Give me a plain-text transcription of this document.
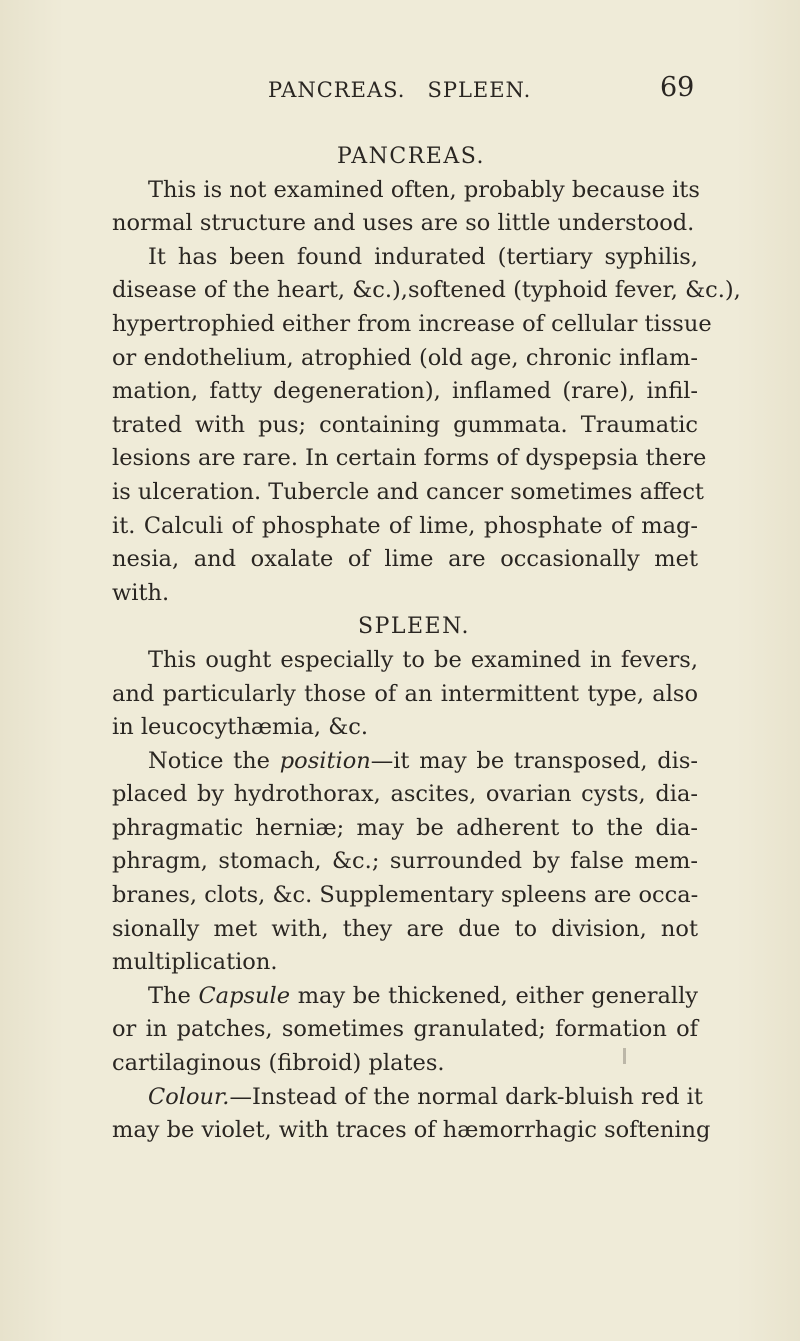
PANCREAS. SPLEEN.	69
PANCREAS.
This is not examined often, probably because its
normal structure and uses are so little understood.
It has been found indurated (tertiary syphilis,
disease of the heart, &c.),softened (typhoid fever, &c.),
hypertrophied either from increase of cellular tissue
or endothelium, atrophied (old age, chronic inflam-
mation, fatty degeneration), inflamed (rare), infil-
trated with pus; containing gummata. Traumatic
lesions are rare. In certain forms of dyspepsia there
is ulceration. Tubercle and cancer sometimes affect
it. Calculi of phosphate of lime, phosphate of mag-
nesia, and oxalate of lime are occasionally met
with.
SPLEEN.
This ought especially to be examined in fevers,
and particularly those of an intermittent type, also
in leucocythæmia, &c.
Notice the position—it may be transposed, dis-
placed by hydrothorax, ascites, ovarian cysts, dia-
phragmatic herniæ; may be adherent to the dia-
phragm, stomach, &c.; surrounded by false mem-
branes, clots, &c. Supplementary spleens are occa-
sionally met with, they are due to division, not
multiplication.
The Capsule may be thickened, either generally
or in patches, sometimes granulated; formation of
cartilaginous (fibroid) plates.
Colour.—Instead of the normal dark-bluish red it
may be violet, with traces of hæmorrhagic softening
